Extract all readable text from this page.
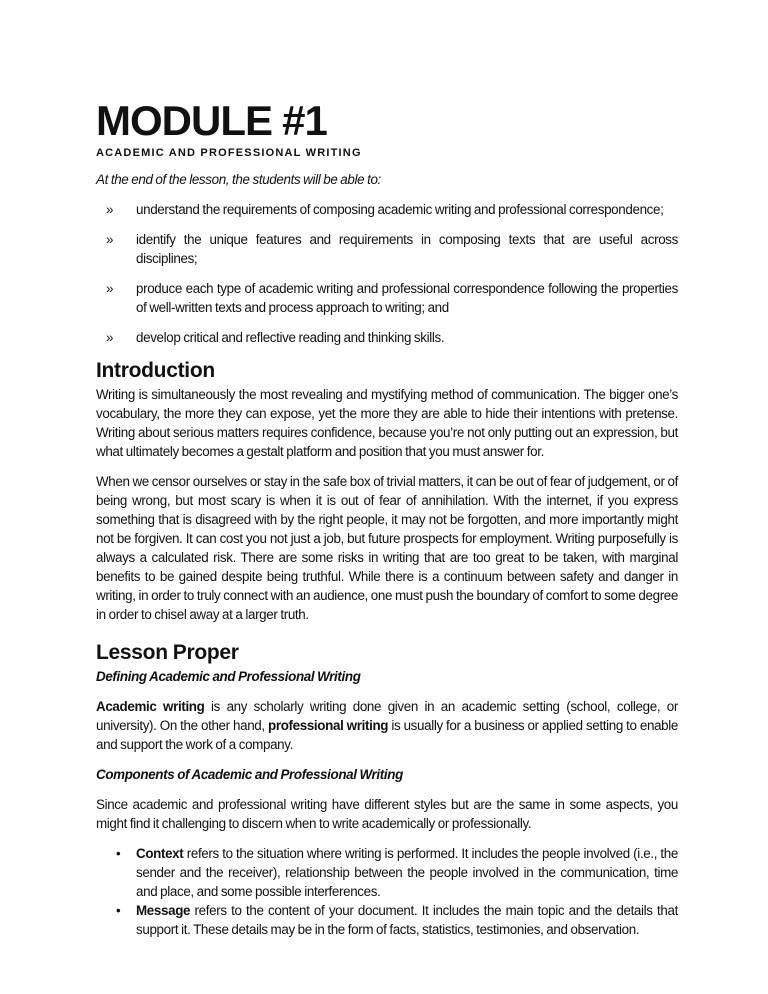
MODULE #1
ACADEMIC AND PROFESSIONAL WRITING
At the end of the lesson, the students will be able to:
» understand the requirements of composing academic writing and professional correspondence;
» identify the unique features and requirements in composing texts that are useful across disciplines;
» produce each type of academic writing and professional correspondence following the properties of well-written texts and process approach to writing; and
» develop critical and reflective reading and thinking skills.
Introduction

Writing is simultaneously the most revealing and mystifying method of communication. The bigger one’s vocabulary, the more they can expose, yet the more they are able to hide their intentions with pretense. Writing about serious matters requires confidence, because you’re not only putting out an expression, but what ultimately becomes a gestalt platform and position that you must answer for.

When we censor ourselves or stay in the safe box of trivial matters, it can be out of fear of judgement, or of being wrong, but most scary is when it is out of fear of annihilation. With the internet, if you express something that is disagreed with by the right people, it may not be forgotten, and more importantly might not be forgiven. It can cost you not just a job, but future prospects for employment. Writing purposefully is always a calculated risk. There are some risks in writing that are too great to be taken, with marginal benefits to be gained despite being truthful. While there is a continuum between safety and danger in writing, in order to truly connect with an audience, one must push the boundary of comfort to some degree in order to chisel away at a larger truth.

Lesson Proper
Defining Academic and Professional Writing

Academic writing is any scholarly writing done given in an academic setting (school, college, or university). On the other hand, professional writing is usually for a business or applied setting to enable and support the work of a company.

Components of Academic and Professional Writing

Since academic and professional writing have different styles but are the same in some aspects, you might find it challenging to discern when to write academically or professionally.

• Context refers to the situation where writing is performed. It includes the people involved (i.e., the sender and the receiver), relationship between the people involved in the communication, time and place, and some possible interferences.
• Message refers to the content of your document. It includes the main topic and the details that support it. These details may be in the form of facts, statistics, testimonies, and observation.
